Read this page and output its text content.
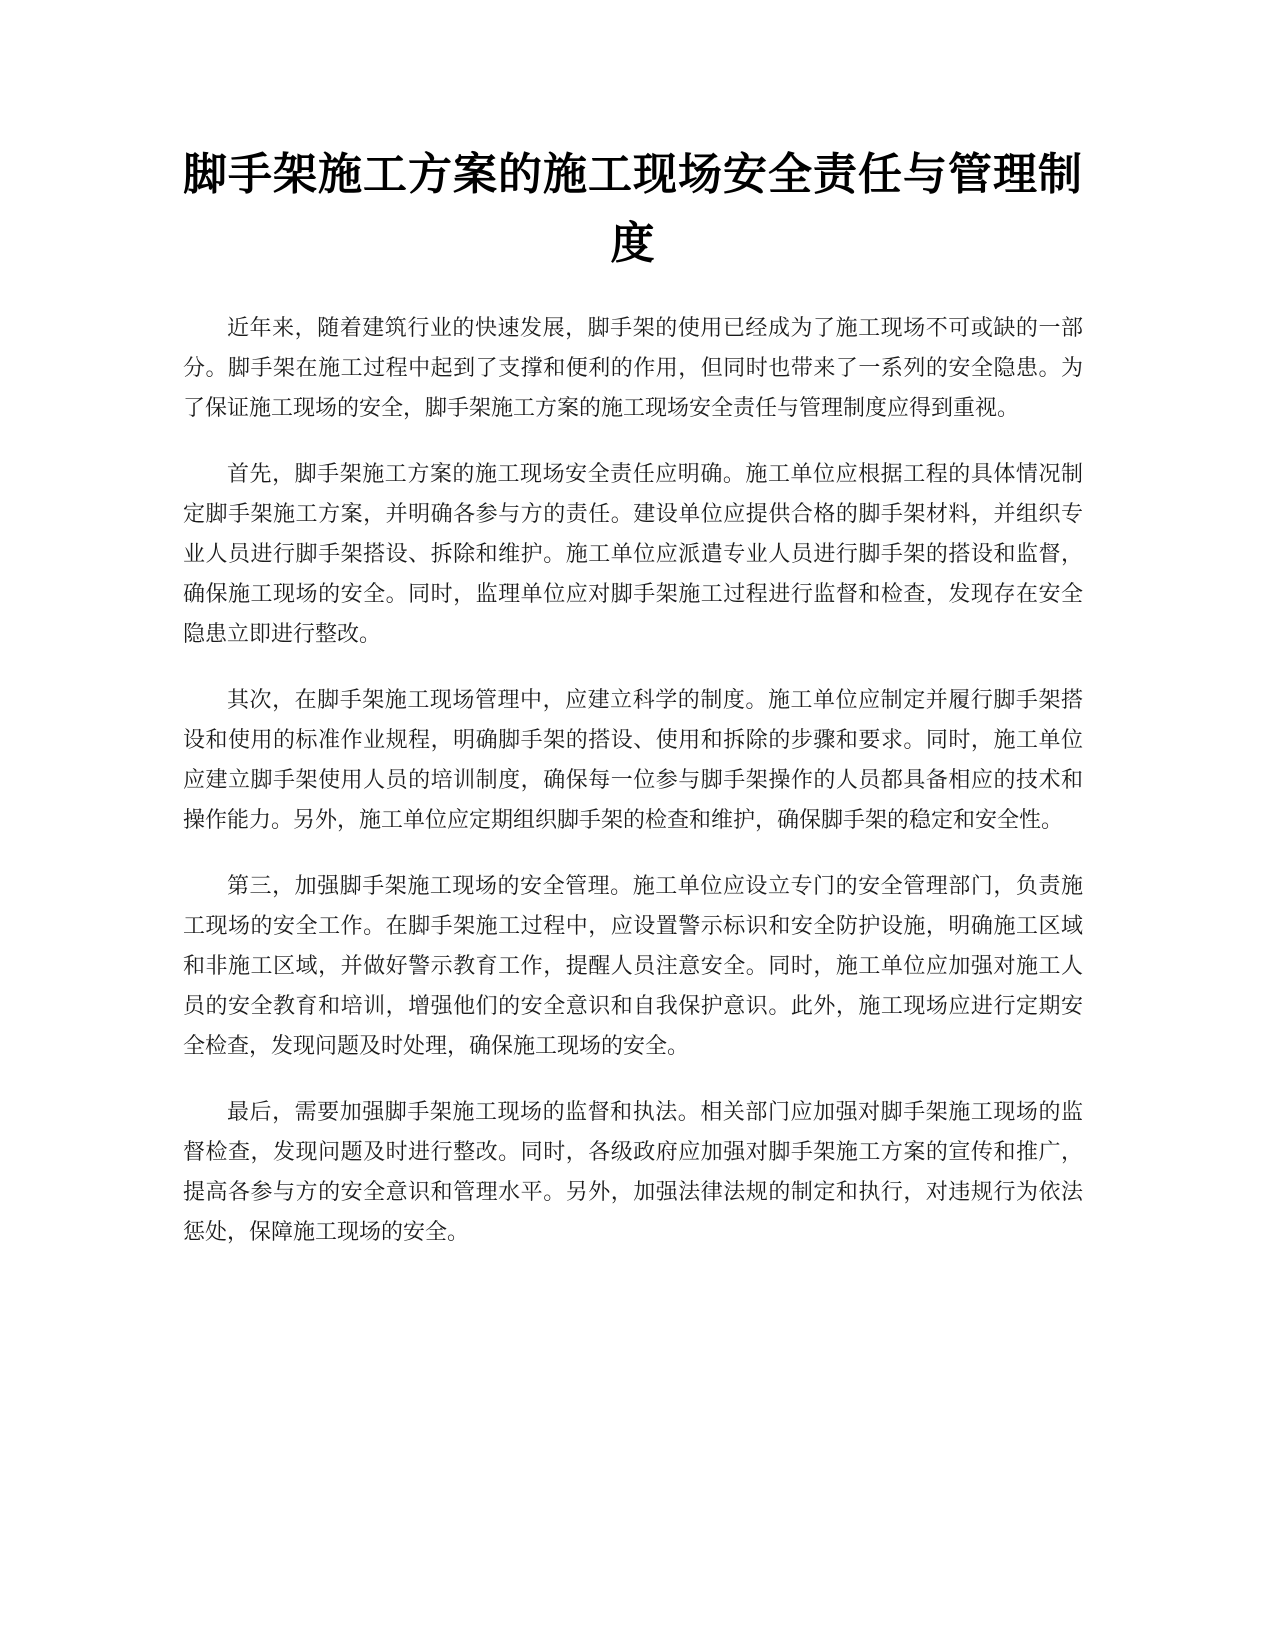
脚手架施工方案的施工现场安全责任与管理制度

近年来，随着建筑行业的快速发展，脚手架的使用已经成为了施工现场不可或缺的一部分。脚手架在施工过程中起到了支撑和便利的作用，但同时也带来了一系列的安全隐患。为了保证施工现场的安全，脚手架施工方案的施工现场安全责任与管理制度应得到重视。

首先，脚手架施工方案的施工现场安全责任应明确。施工单位应根据工程的具体情况制定脚手架施工方案，并明确各参与方的责任。建设单位应提供合格的脚手架材料，并组织专业人员进行脚手架搭设、拆除和维护。施工单位应派遣专业人员进行脚手架的搭设和监督，确保施工现场的安全。同时，监理单位应对脚手架施工过程进行监督和检查，发现存在安全隐患立即进行整改。

其次，在脚手架施工现场管理中，应建立科学的制度。施工单位应制定并履行脚手架搭设和使用的标准作业规程，明确脚手架的搭设、使用和拆除的步骤和要求。同时，施工单位应建立脚手架使用人员的培训制度，确保每一位参与脚手架操作的人员都具备相应的技术和操作能力。另外，施工单位应定期组织脚手架的检查和维护，确保脚手架的稳定和安全性。

第三，加强脚手架施工现场的安全管理。施工单位应设立专门的安全管理部门，负责施工现场的安全工作。在脚手架施工过程中，应设置警示标识和安全防护设施，明确施工区域和非施工区域，并做好警示教育工作，提醒人员注意安全。同时，施工单位应加强对施工人员的安全教育和培训，增强他们的安全意识和自我保护意识。此外，施工现场应进行定期安全检查，发现问题及时处理，确保施工现场的安全。

最后，需要加强脚手架施工现场的监督和执法。相关部门应加强对脚手架施工现场的监督检查，发现问题及时进行整改。同时，各级政府应加强对脚手架施工方案的宣传和推广，提高各参与方的安全意识和管理水平。另外，加强法律法规的制定和执行，对违规行为依法惩处，保障施工现场的安全。
